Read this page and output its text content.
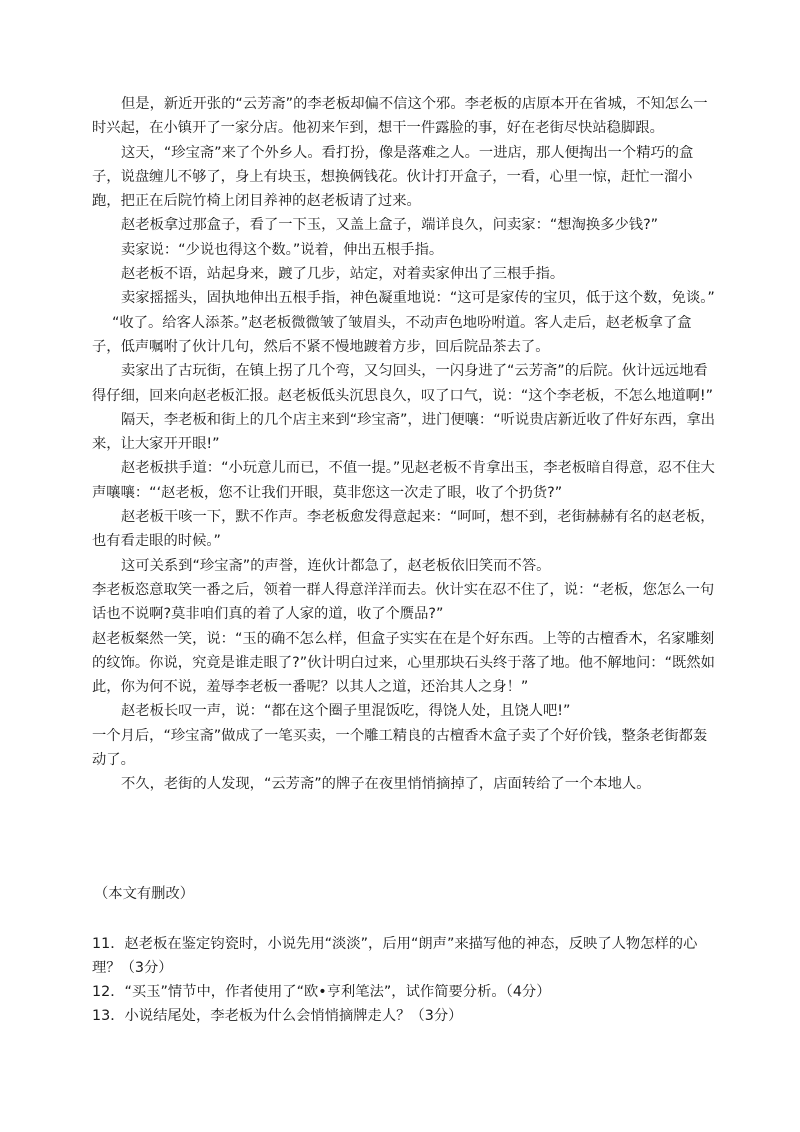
但是，新近开张的“云芳斋”的李老板却偏不信这个邪。李老板的店原本开在省城，不知怎么一时兴起，在小镇开了一家分店。他初来乍到，想干一件露脸的事，好在老街尽快站稳脚跟。

这天，“珍宝斋”来了个外乡人。看打扮，像是落难之人。一进店，那人便掏出一个精巧的盒子，说盘缠儿不够了，身上有块玉，想换俩钱花。伙计打开盒子，一看，心里一惊，赶忙一溜小跑，把正在后院竹椅上闭目养神的赵老板请了过来。

赵老板拿过那盒子，看了一下玉，又盖上盒子，端详良久，问卖家：“想淘换多少钱?”

卖家说：“少说也得这个数。”说着，伸出五根手指。

赵老板不语，站起身来，踱了几步，站定，对着卖家伸出了三根手指。

卖家摇摇头，固执地伸出五根手指，神色凝重地说：“这可是家传的宝贝，低于这个数，免谈。”

“收了。给客人添茶。”赵老板微微皱了皱眉头，不动声色地吩咐道。客人走后，赵老板拿了盒子，低声嘱咐了伙计几句，然后不紧不慢地踱着方步，回后院品茶去了。

卖家出了古玩街，在镇上拐了几个弯，又匀回头，一闪身进了“云芳斋”的后院。伙计远远地看得仔细，回来向赵老板汇报。赵老板低头沉思良久，叹了口气，说：“这个李老板，不怎么地道啊!”

隔天，李老板和街上的几个店主来到“珍宝斋”，进门便嚷：“听说贵店新近收了件好东西，拿出来，让大家开开眼!”

赵老板拱手道：“小玩意儿而已，不值一提。”见赵老板不肯拿出玉，李老板暗自得意，忍不住大声嚷嚷：“‘赵老板，您不让我们开眼，莫非您这一次走了眼，收了个扔货?”

赵老板干咳一下，默不作声。李老板愈发得意起来：“呵呵，想不到，老街赫赫有名的赵老板，也有看走眼的时候。”

这可关系到“珍宝斋”的声誉，连伙计都急了，赵老板依旧笑而不答。

李老板恣意取笑一番之后，领着一群人得意洋洋而去。伙计实在忍不住了，说：“老板，您怎么一句话也不说啊?莫非咱们真的着了人家的道，收了个赝品?”

赵老板粲然一笑，说：“玉的确不怎么样，但盒子实实在在是个好东西。上等的古檀香木，名家雕刻的纹饰。你说，究竟是谁走眼了?”伙计明白过来，心里那块石头终于落了地。他不解地问：“既然如此，你为何不说，羞辱李老板一番呢？以其人之道，还治其人之身！”

赵老板长叹一声，说：“都在这个圈子里混饭吃，得饶人处，且饶人吧!”

一个月后，“珍宝斋”做成了一笔买卖，一个雕工精良的古檀香木盒子卖了个好价钱，整条老街都轰动了。

不久，老街的人发现，“云芳斋”的牌子在夜里悄悄摘掉了，店面转给了一个本地人。

（本文有删改）

11．赵老板在鉴定钧瓷时，小说先用“淡淡”，后用“朗声”来描写他的神态，反映了人物怎样的心理？（3分）

12．“买玉”情节中，作者使用了“欧•亨利笔法”，试作简要分析。（4分）

13．小说结尾处，李老板为什么会悄悄摘牌走人？（3分）
